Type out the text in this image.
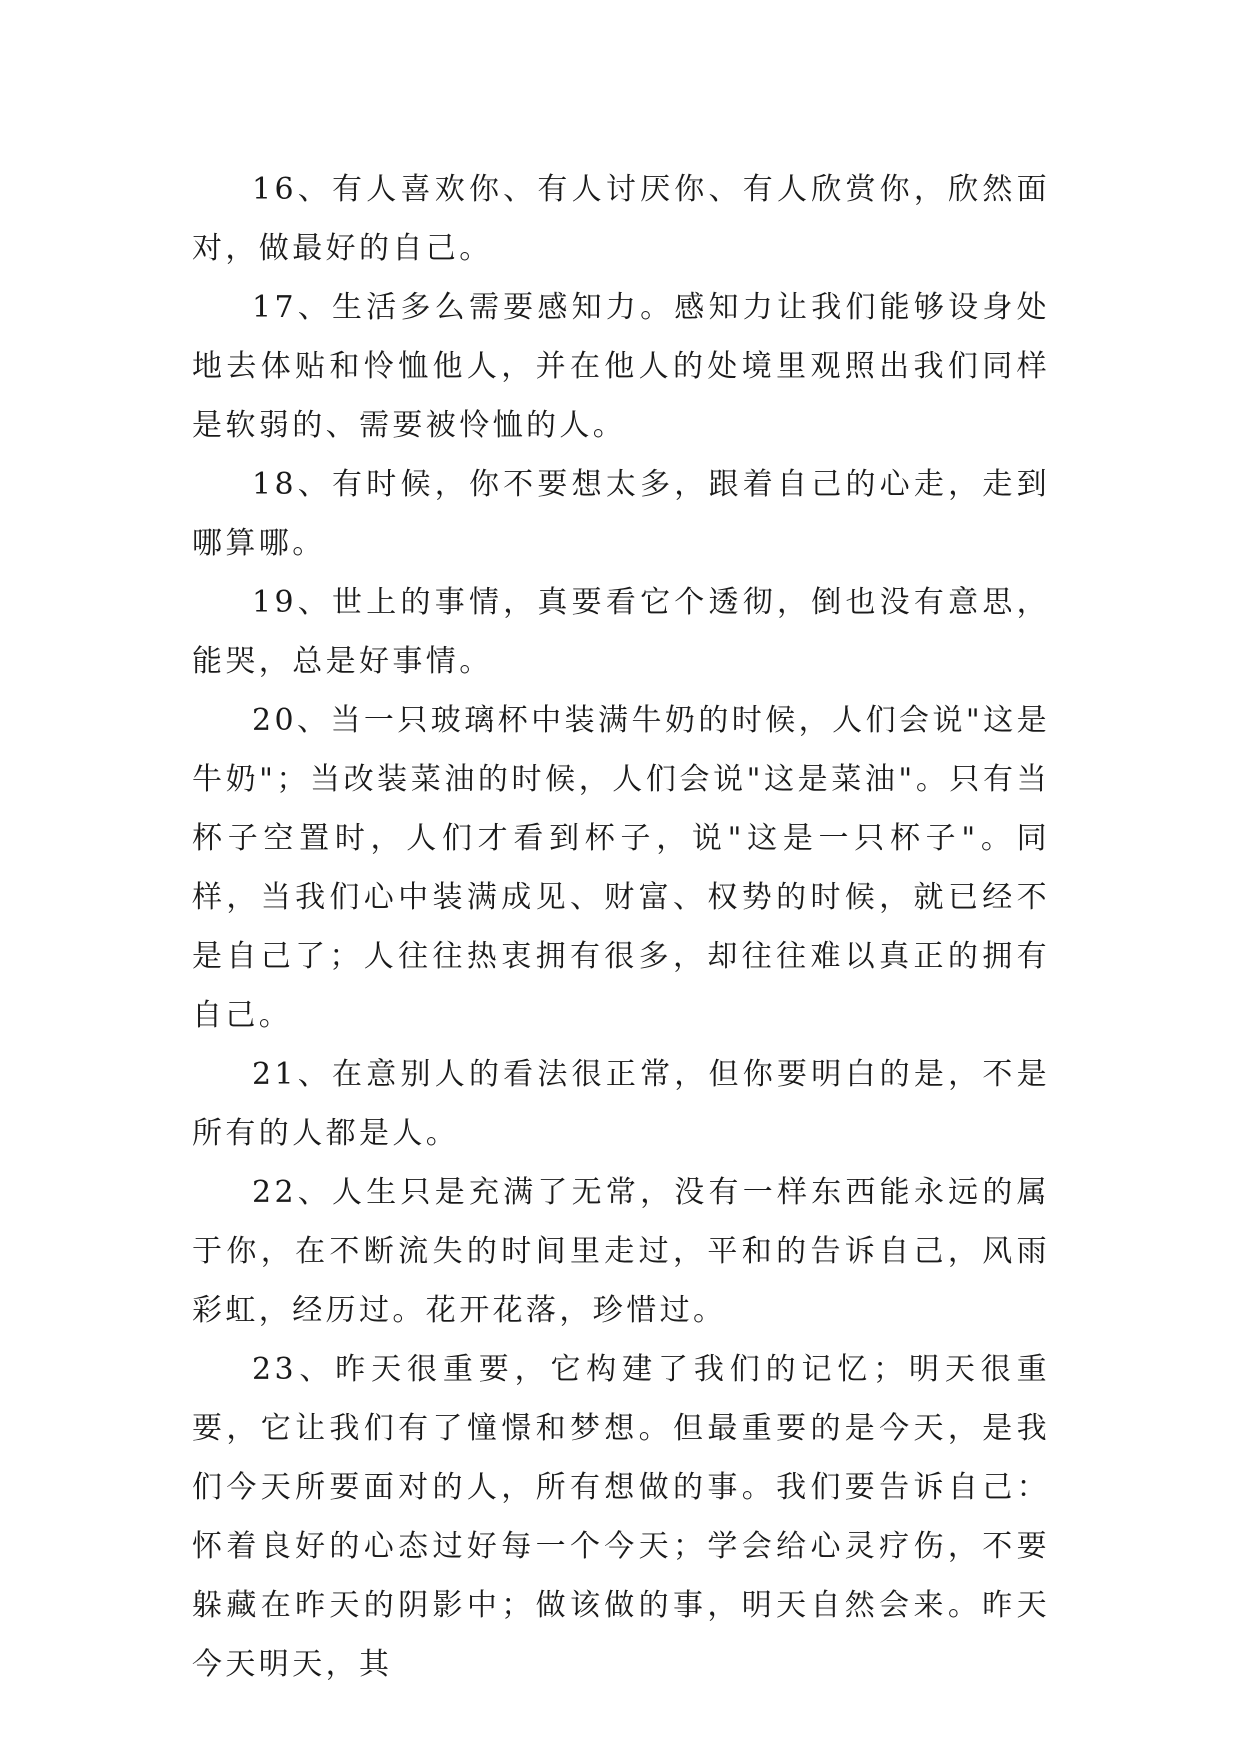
16、有人喜欢你、有人讨厌你、有人欣赏你，欣然面对，做最好的自己。

17、生活多么需要感知力。感知力让我们能够设身处地去体贴和怜恤他人，并在他人的处境里观照出我们同样是软弱的、需要被怜恤的人。

18、有时候，你不要想太多，跟着自己的心走，走到哪算哪。

19、世上的事情，真要看它个透彻，倒也没有意思，能哭，总是好事情。

20、当一只玻璃杯中装满牛奶的时候，人们会说"这是牛奶"；当改装菜油的时候，人们会说"这是菜油"。只有当杯子空置时，人们才看到杯子，说"这是一只杯子"。同样，当我们心中装满成见、财富、权势的时候，就已经不是自己了；人往往热衷拥有很多，却往往难以真正的拥有自己。

21、在意别人的看法很正常，但你要明白的是，不是所有的人都是人。

22、人生只是充满了无常，没有一样东西能永远的属于你，在不断流失的时间里走过，平和的告诉自己，风雨彩虹，经历过。花开花落，珍惜过。

23、昨天很重要，它构建了我们的记忆；明天很重要，它让我们有了憧憬和梦想。但最重要的是今天，是我们今天所要面对的人，所有想做的事。我们要告诉自己：怀着良好的心态过好每一个今天；学会给心灵疗伤，不要躲藏在昨天的阴影中；做该做的事，明天自然会来。昨天今天明天，其
